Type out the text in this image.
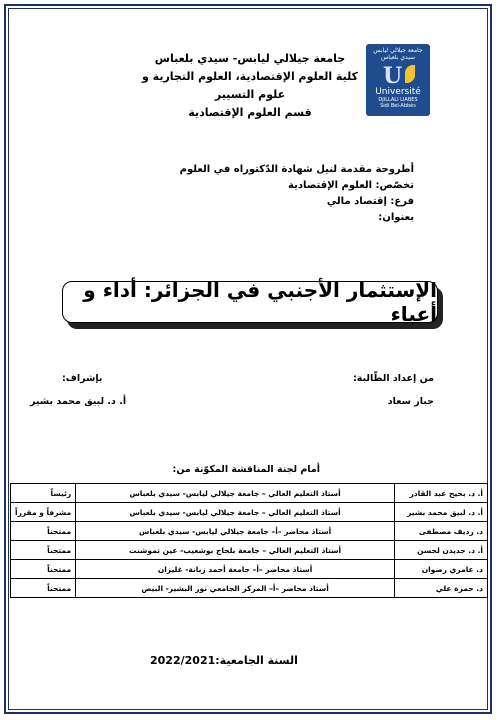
جامعة جيلالي ليابس سيدي بلعباس
U
Université
DJILLALI LIABES
Sidi Bel-Abbès
جامعة جيلالي ليابس- سيدي بلعباس
كلية العلوم الإقتصادية، العلوم التجارية و علوم التسيير
قسم العلوم الإقتصادية
أطروحة مقدمة لنيل شهادة الدّكتوراه في العلوم
تخصّص: العلوم الإقتصادية
فرع: إقتصاد مالي
بعنوان:
الإستثمار الأجنبي في الجزائر: أداء و أعباء
من إعداد الطّالبة:
جبار سعاد
بإشراف:
أ. د. لبيق محمد بشير
أمام لجنة المناقشة المكوّنة من:
أ. د. بحيح عبد القادر	أستاذ التعليم العالي – جامعة جيلالي ليابس- سيدي بلعباس	رئيساً
أ. د. لبيق محمد بشير	أستاذ التعليم العالي – جامعة جيلالي ليابس- سيدي بلعباس	مشرفاً و مقرراً
د. رديف مصطفى	أستاذ محاضر –أ– جامعة جيلالي ليابس- سيدي بلعباس	ممتحناً
أ. د. جديدن لحسن	أستاذ التعليم العالي – جامعة بلحاج بوشعيب- عين تموشنت	ممتحناً
د. عامري رضوان	أستاذ محاضر –أ– جامعة أحمد زبانة- غليزان	ممتحناً
د. حمزة علي	أستاذ محاضر –أ– المركز الجامعي نور البشير- البيض	ممتحناً
السنة الجامعية:2022/2021
